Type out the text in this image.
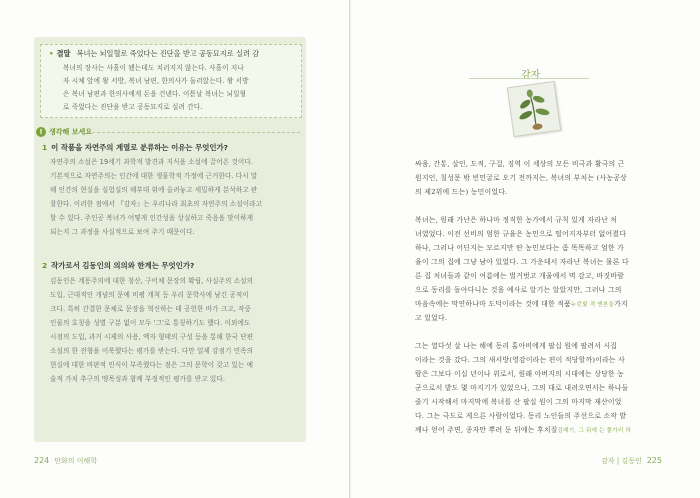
• 결말 복녀는 뇌일혈로 죽었다는 진단을 받고 공동묘지로 실려 감
복녀의 장사는 사흘이 됐는데도 치러지지 않는다. 사흘이 지나
자 시체 앞에 왕 서방, 복녀 남편, 한의사가 둘러앉는다. 왕 서방
은 복녀 남편과 한의사에게 돈을 건넨다. 이튿날 복녀는 뇌일혈
로 죽었다는 진단을 받고 공동묘지로 실려 간다.
! 생각해 보세요
1 이 작품을 자연주의 계열로 분류하는 이유는 무엇인가?
자연주의 소설은 19세기 과학적 발견과 지식을 소설에 끌어온 것이다.
기본적으로 자연주의는 인간에 대한 생물학적 가정에 근거한다. 다시 말
해 인간의 현실을 실험실의 해부대 위에 올려놓고 세밀하게 분석하고 관
찰한다. 이러한 점에서 『감자』는 우리나라 최초의 자연주의 소설이라고
할 수 있다. 주인공 복녀가 어떻게 인간성을 상실하고 죽음을 맞이하게
되는지 그 과정을 사실적으로 보여 주기 때문이다.
2 작가로서 김동인의 의의와 한계는 무엇인가?
김동인은 계몽주의에 대한 청산, 구어체 문장의 확립, 사실주의 소설의
도입, 근대적인 개념의 문예 비평 개척 등 우리 문학사에 남긴 공적이
크다. 특히 간결한 문체로 문장을 혁신하는 데 공헌한 바가 크고, 작중
인물의 호칭을 성별 구분 없이 모두 '그'로 통칭하기도 했다. 이외에도
시점의 도입, 과거 시제의 사용, 액자 형태의 구성 등을 통해 한국 단편
소설의 한 전형을 이룩했다는 평가를 받는다. 다만 일제 강점기 민족의
현실에 대한 비판적 인식이 부족했다는 점은 그의 문학이 갖고 있는 예
술적 가치 추구의 맹목성과 함께 부정적인 평가를 받고 있다.
224 만화의 이해학
감자
싸움, 간통, 살인, 도적, 구걸, 징역 이 세상의 모든 비극과 활극의 근
원지인, 칠성문 밖 빈민굴로 오기 전까지는, 복녀의 부처는 (사농공상
의 제2위에 드는) 농민이었다.
복녀는, 원래 가난은 하나마 정직한 농가에서 규칙 있게 자라난 처
녀였었다. 이전 선비의 엄한 규율은 농민으로 떨어지자부터 없어졌다
하나, 그러나 어딘지는 모르지만 딴 농민보다는 좀 똑똑하고 엄한 가
율이 그의 집에 그냥 남아 있었다. 그 가운데서 자라난 복녀는 물론 다
른 집 처녀들과 같이 여름에는 벌거벗고 개울에서 멱 감고, 바짓바람
으로 동리를 돌아다니는 것을 예사로 알기는 알았지만, 그러나 그의
마음속에는 막연하나마 도덕이라는 것에 대한 적품누런빛 적 엔본을가지
고 있었다.
그는 열다섯 살 나는 해에 동리 홀아비에게 팔십 원에 팔려서 시집
이라는 것을 갔다. 그의 새서방(영감이라는 편이 적당할까)이라는 사
람은 그보다 이십 년이나 위로서, 원래 아버지의 시대에는 상당한 농
군으로서 밭도 몇 마지기가 있었으나, 그의 대로 내려오면서는 하나둘
줄기 시작해서 마지막에 복녀를 산 팔십 원이 그의 마지막 재산이었
다. 그는 극도로 게으른 사람이었다. 동리 노인들의 주선으로 소작 밭
께나 얻어 주면, 종자만 뿌려 둔 뒤에는 후치질김매기, 그 뒤에 는 풀가리 하
감자 | 김동인 225
